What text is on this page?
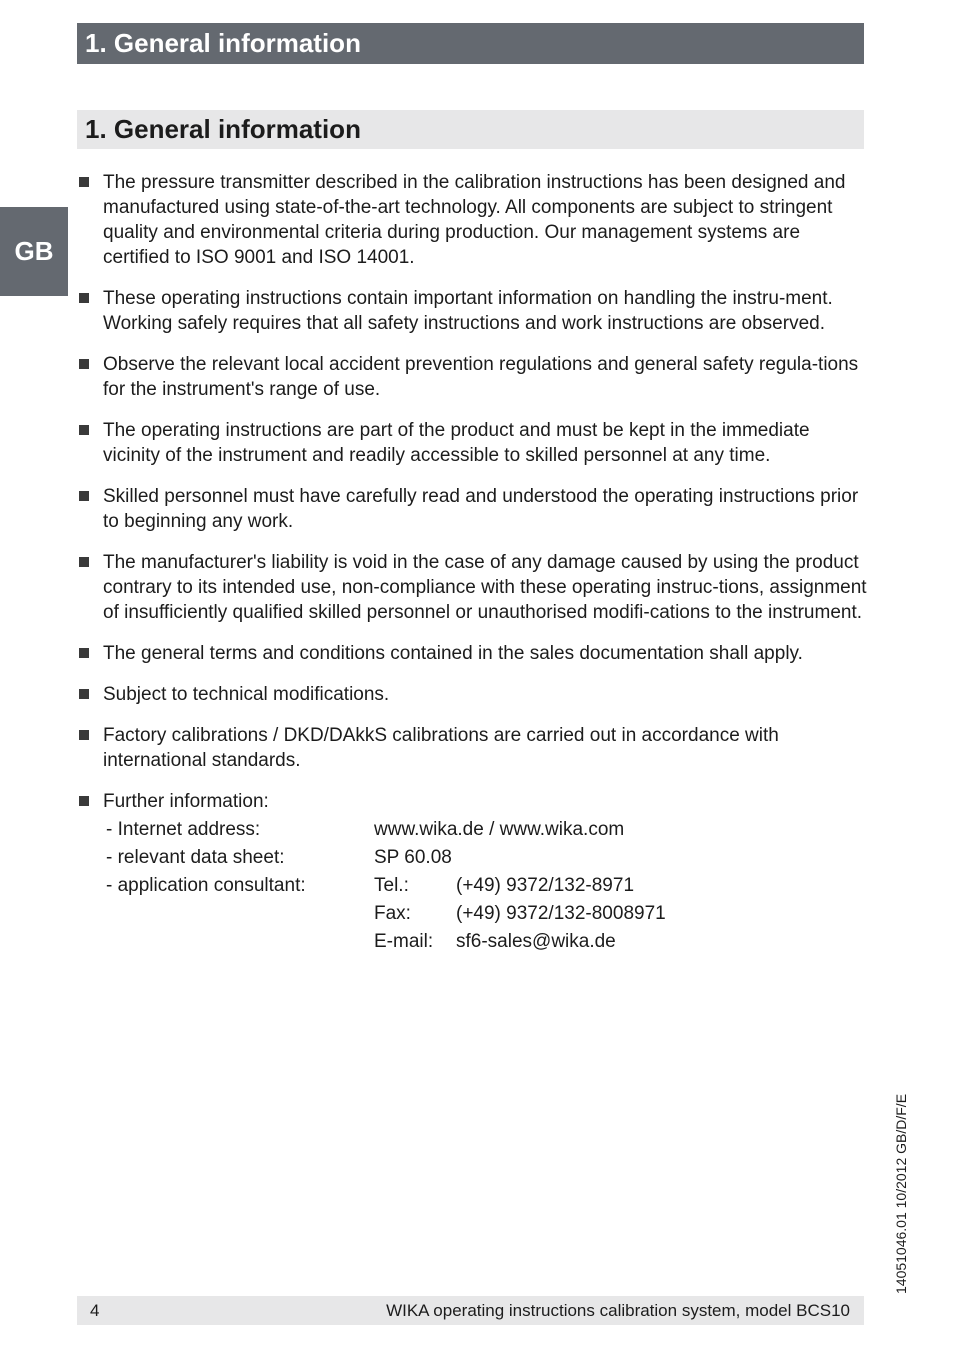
1. General information
GB
1. General information

The pressure transmitter described in the calibration instructions has been designed and manufactured using state-of-the-art technology. All components are subject to stringent quality and environmental criteria during production. Our management systems are certified to ISO 9001 and ISO 14001.

These operating instructions contain important information on handling the instru-ment. Working safely requires that all safety instructions and work instructions are observed.

Observe the relevant local accident prevention regulations and general safety regula-tions for the instrument's range of use.

The operating instructions are part of the product and must be kept in the immediate vicinity of the instrument and readily accessible to skilled personnel at any time.

Skilled personnel must have carefully read and understood the operating instructions prior to beginning any work.

The manufacturer's liability is void in the case of any damage caused by using the product contrary to its intended use, non-compliance with these operating instruc-tions, assignment of insufficiently qualified skilled personnel or unauthorised modifi-cations to the instrument.

The general terms and conditions contained in the sales documentation shall apply.

Subject to technical modifications.

Factory calibrations / DKD/DAkkS calibrations are carried out in accordance with international standards.

Further information:

- Internet address:	www.wika.de / www.wika.com	
- relevant data sheet:	SP 60.08	
- application consultant:	Tel.:	(+49) 9372/132-8971
	Fax:	(+49) 9372/132-8008971
	E-mail:	sf6-sales@wika.de
14051046.01 10/2012 GB/D/F/E
4	WIKA operating instructions calibration system, model BCS10
